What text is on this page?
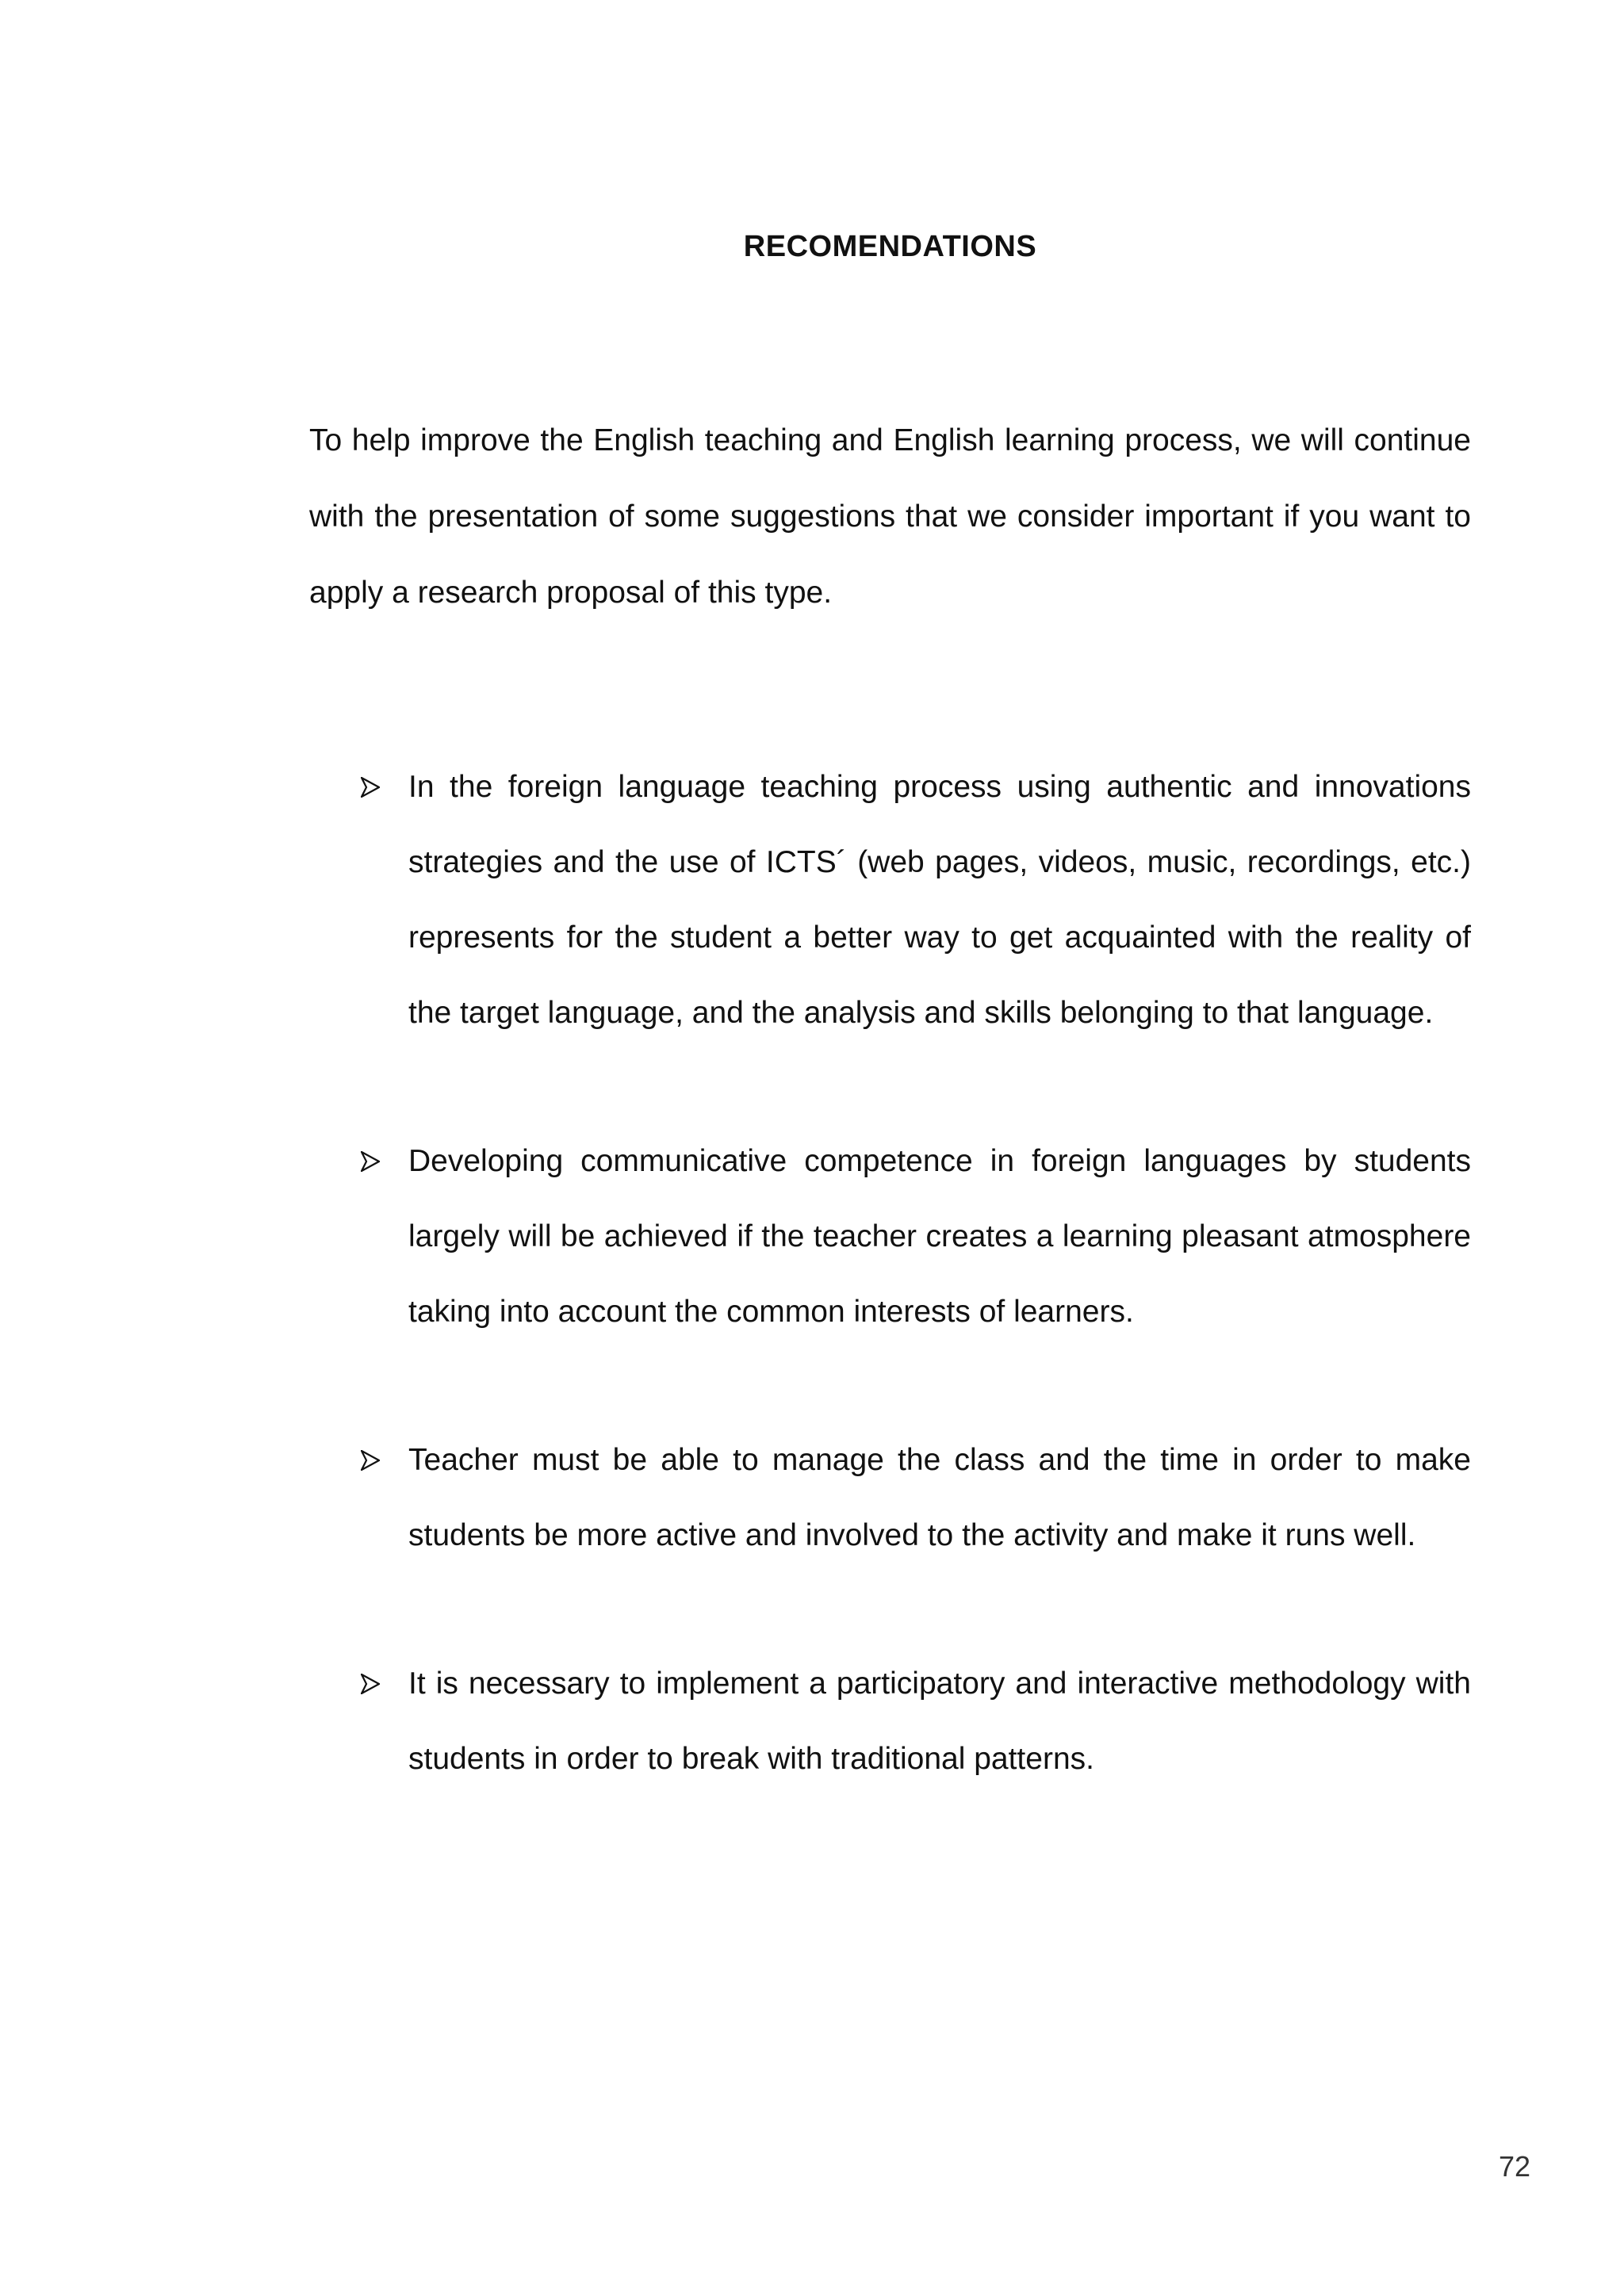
RECOMENDATIONS

To help improve the English teaching and English learning process, we will continue with the presentation of some suggestions that we consider important if you want to apply a research proposal of this type.

In the foreign language teaching process using authentic and innovations strategies and the use of ICTS´ (web pages, videos, music, recordings, etc.) represents for the student a better way to get acquainted with the reality of the target language, and the analysis and skills belonging to that language.
Developing communicative competence in foreign languages by students largely will be achieved if the teacher creates a learning pleasant atmosphere taking into account the common interests of learners.
Teacher must be able to manage the class and the time in order to make students be more active and involved to the activity and make it runs well.
It is necessary to implement a participatory and interactive methodology with students in order to break with traditional patterns.
72
